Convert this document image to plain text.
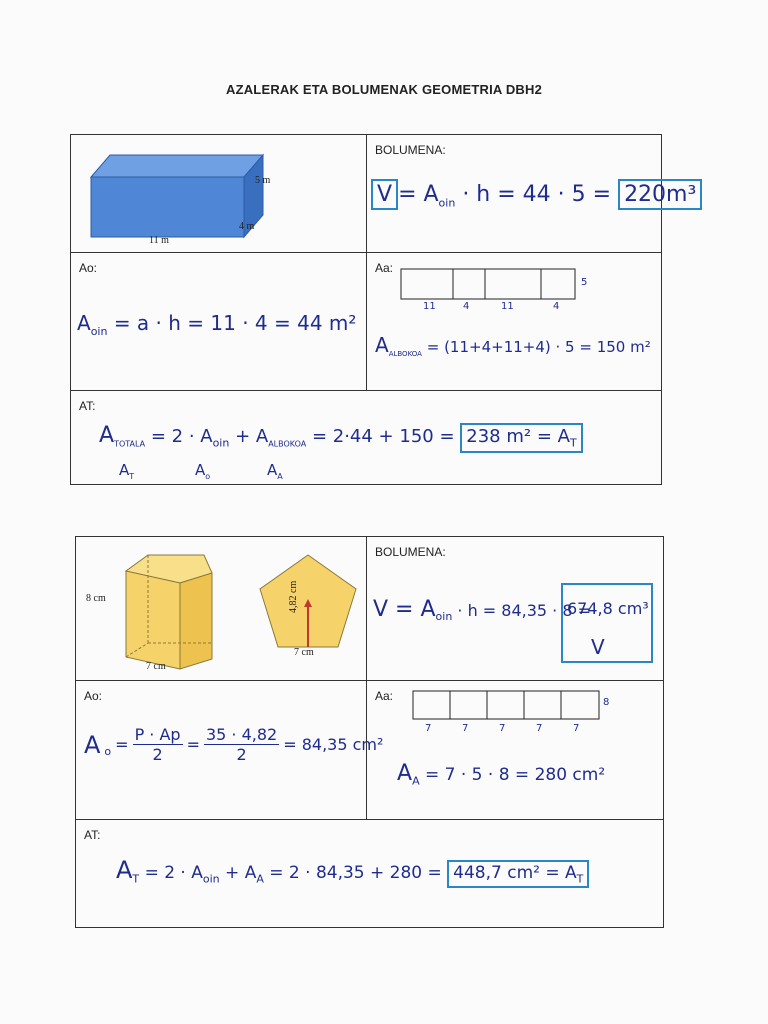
AZALERAK ETA BOLUMENAK GEOMETRIA DBH2
5 m
4 m
11 m
BOLUMENA:
$V = A_{oin} \cdot h = 44 \cdot 5 = 220m^3$
Ao:
$A_{oin} = a \cdot h = 11 \cdot 4 = 44$ m²
Aa:
11	4	11	4
5
$A_{ALBOKOA} = (11+4+11+4) \cdot 5 = 150$ m²
AT:
$A_{TOTALA} = 2 \cdot A_{oin} + A_{ALBOKOA} = 2\cdot 44 + 150 = 238$ $m^2 = A_T$
$A_T$	$A_o$	$A_A$
8 cm
7 cm
4,82 cm
7 cm
BOLUMENA:
$V = A_{oin} \cdot h = 84,35 \cdot 8$ =
674,8 cm³
V
Ao:
A $_o = \frac{P \cdot Ap}{2} = \frac{35 \cdot 4,82}{2} = 84,35$ cm²
Aa:
7	7	7	7	7
8
$A_A = 7 \cdot 5 \cdot 8 = 280$ cm²
AT:
$A_T = 2 \cdot A_{oin} + A_A = 2 \cdot 84,35 + 280 = 448,7$ $cm^2 = A_T$
